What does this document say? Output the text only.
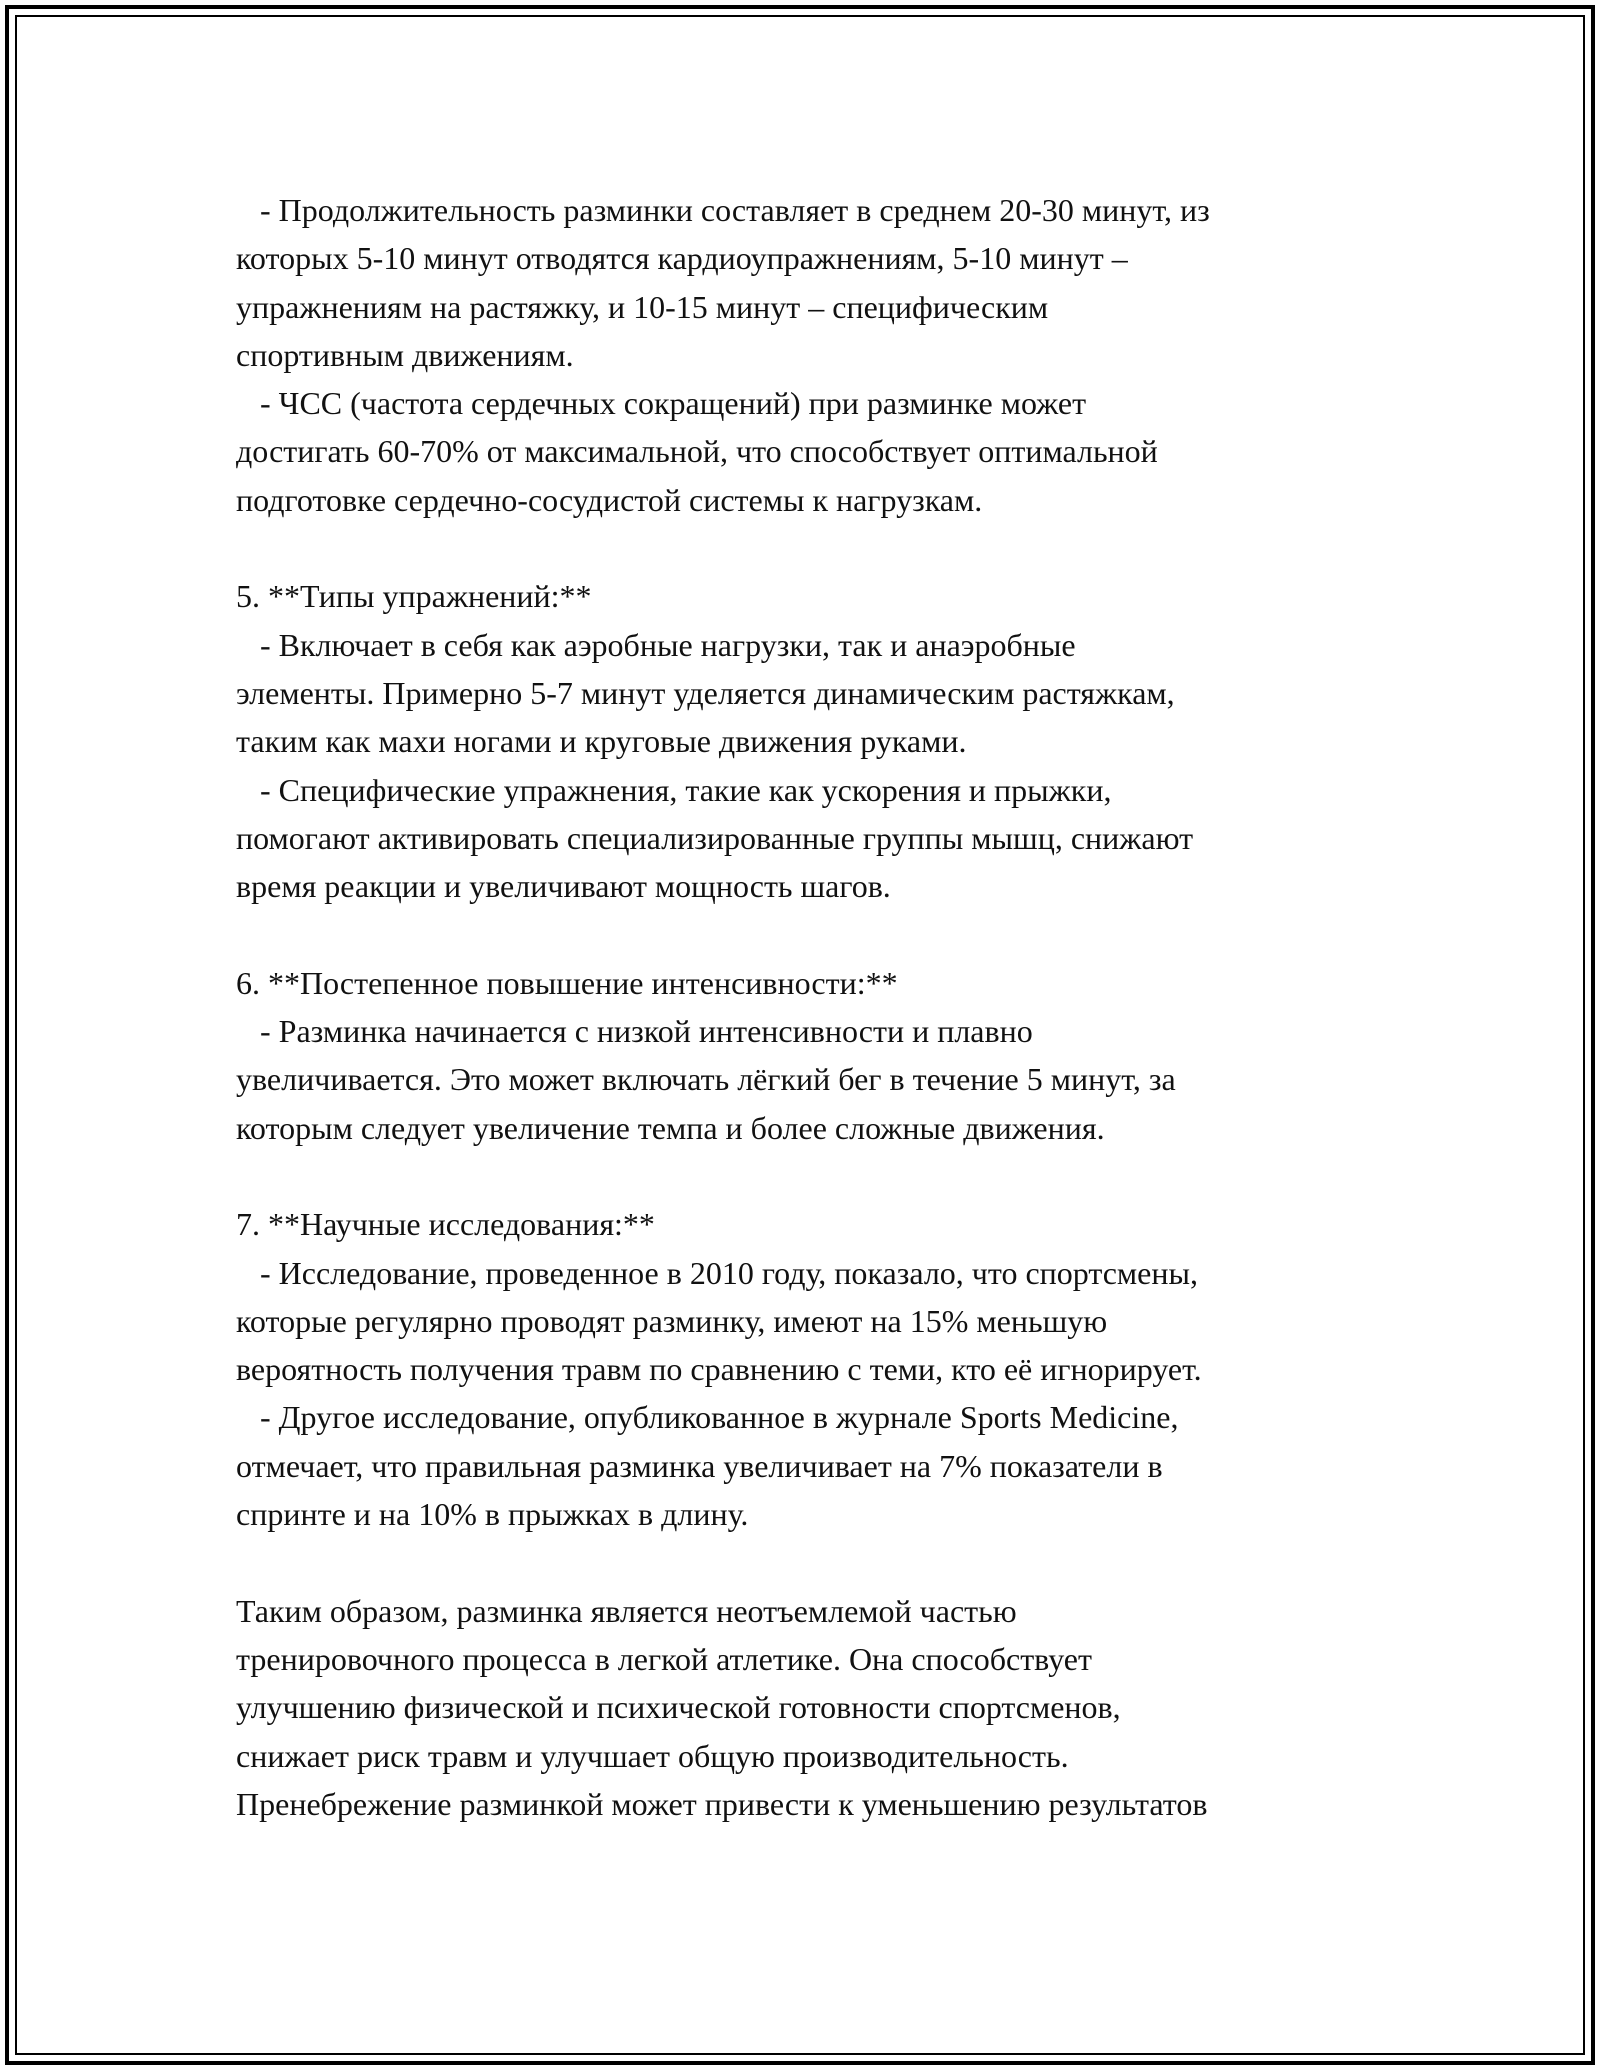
- Продолжительность разминки составляет в среднем 20-30 минут, из
которых 5-10 минут отводятся кардиоупражнениям, 5-10 минут –
упражнениям на растяжку, и 10-15 минут – специфическим
спортивным движениям.
- ЧСС (частота сердечных сокращений) при разминке может
достигать 60-70% от максимальной, что способствует оптимальной
подготовке сердечно-сосудистой системы к нагрузкам.
5. **Типы упражнений:**
- Включает в себя как аэробные нагрузки, так и анаэробные
элементы. Примерно 5-7 минут уделяется динамическим растяжкам,
таким как махи ногами и круговые движения руками.
- Специфические упражнения, такие как ускорения и прыжки,
помогают активировать специализированные группы мышц, снижают
время реакции и увеличивают мощность шагов.
6. **Постепенное повышение интенсивности:**
- Разминка начинается с низкой интенсивности и плавно
увеличивается. Это может включать лёгкий бег в течение 5 минут, за
которым следует увеличение темпа и более сложные движения.
7. **Научные исследования:**
- Исследование, проведенное в 2010 году, показало, что спортсмены,
которые регулярно проводят разминку, имеют на 15% меньшую
вероятность получения травм по сравнению с теми, кто её игнорирует.
- Другое исследование, опубликованное в журнале Sports Medicine,
отмечает, что правильная разминка увеличивает на 7% показатели в
спринте и на 10% в прыжках в длину.
Таким образом, разминка является неотъемлемой частью
тренировочного процесса в легкой атлетике. Она способствует
улучшению физической и психической готовности спортсменов,
снижает риск травм и улучшает общую производительность.
Пренебрежение разминкой может привести к уменьшению результатов
